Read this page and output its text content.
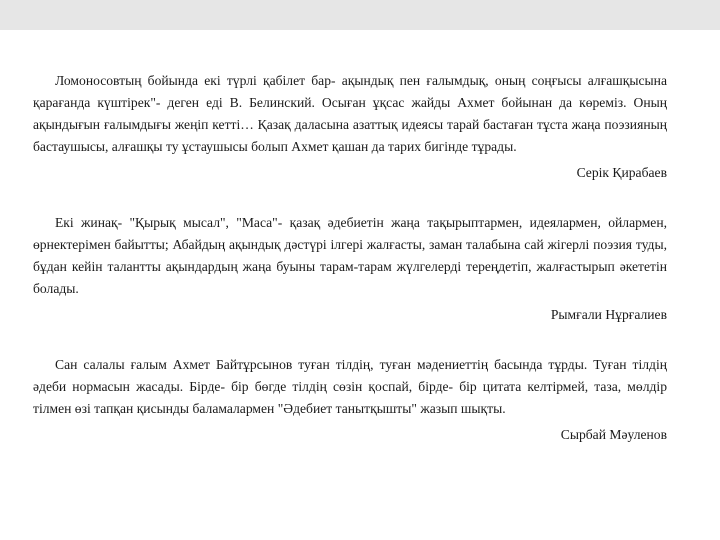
Ломоносовтың бойында екі түрлі қабілет бар- ақындық пен ғалымдық, оның соңғысы алғашқысына қарағанда күштірек"- деген еді В. Белинский. Осыған ұқсас жайды Ахмет бойынан да көреміз. Оның ақындығын ғалымдығы жеңіп кетті… Қазақ даласына азаттық идеясы тарай бастаған тұста жаңа поэзияның бастаушысы, алғашқы ту ұстаушысы болып Ахмет қашан да тарих бигінде тұрады.

Серік Қирабаев

Екі жинақ- "Қырық мысал", "Маса"- қазақ әдебиетін жаңа тақырыптармен, идеялармен, ойлармен, өрнектерімен байытты; Абайдың ақындық дәстүрі ілгері жалғасты, заман талабына сай жігерлі поэзия туды, бұдан кейін талантты ақындардың жаңа буыны тарам-тарам жүлгелерді тереңдетіп, жалғастырып әкететін болады.

Рымғали Нұрғалиев

Сан салалы ғалым Ахмет Байтұрсынов туған тілдің, туған мәдениеттің басында тұрды. Туған тілдің әдеби нормасын жасады. Бірде- бір бөгде тілдің сөзін қоспай, бірде- бір цитата келтірмей, таза, мөлдір тілмен өзі тапқан қисынды баламалармен "Әдебиет танытқышты" жазып шықты.

Сырбай Мәуленов
